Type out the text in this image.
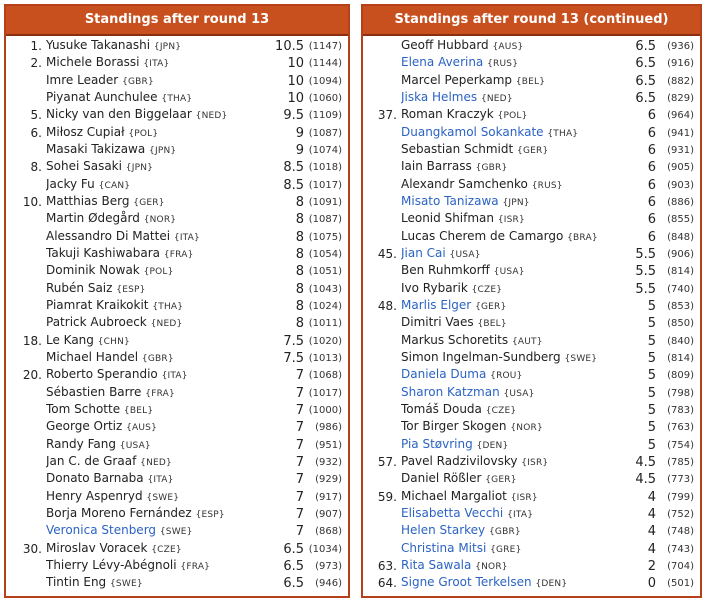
Standings after round 13
1. Yusuke Takanashi {JPN}	10.5 (1147)
2. Michele Borassi {ITA}	10 (1144)
Imre Leader {GBR}	10 (1094)
Piyanat Aunchulee {THA}	10 (1060)
5. Nicky van den Biggelaar {NED}	9.5 (1109)
6. Miłosz Cupiał {POL}	9 (1087)
Masaki Takizawa {JPN}	9 (1074)
8. Sohei Sasaki {JPN}	8.5 (1018)
Jacky Fu {CAN}	8.5 (1017)
10. Matthias Berg {GER}	8 (1091)
Martin Ødegård {NOR}	8 (1087)
Alessandro Di Mattei {ITA}	8 (1075)
Takuji Kashiwabara {FRA}	8 (1054)
Dominik Nowak {POL}	8 (1051)
Rubén Saiz {ESP}	8 (1043)
Piamrat Kraikokit {THA}	8 (1024)
Patrick Aubroeck {NED}	8 (1011)
18. Le Kang {CHN}	7.5 (1020)
Michael Handel {GBR}	7.5 (1013)
20. Roberto Sperandio {ITA}	7 (1068)
Sébastien Barre {FRA}	7 (1017)
Tom Schotte {BEL}	7 (1000)
George Ortiz {AUS}	7	(986)
Randy Fang {USA}	7	(951)
Jan C. de Graaf {NED}	7	(932)
Donato Barnaba {ITA}	7	(929)
Henry Aspenryd {SWE}	7	(917)
Borja Moreno Fernández {ESP}	7	(907)
Veronica Stenberg {SWE}	7	(868)
30. Miroslav Voracek {CZE}	6.5 (1034)
Thierry Lévy-Abégnoli {FRA}	6.5	(973)
Tintin Eng {SWE}	6.5	(946)
Standings after round 13 (continued)
Geoff Hubbard {AUS}	6.5	(936)
Elena Averina {RUS}	6.5	(916)
Marcel Peperkamp {BEL}	6.5	(882)
Jiska Helmes {NED}	6.5	(829)
37. Roman Kraczyk {POL}	6	(964)
Duangkamol Sokankate {THA}	6	(941)
Sebastian Schmidt {GER}	6	(931)
Iain Barrass {GBR}	6	(905)
Alexandr Samchenko {RUS}	6	(903)
Misato Tanizawa {JPN}	6	(886)
Leonid Shifman {ISR}	6	(855)
Lucas Cherem de Camargo {BRA}	6	(848)
45. Jian Cai {USA}	5.5	(906)
Ben Ruhmkorff {USA}	5.5	(814)
Ivo Rybarik {CZE}	5.5	(740)
48. Marlis Elger {GER}	5	(853)
Dimitri Vaes {BEL}	5	(850)
Markus Schoretits {AUT}	5	(840)
Simon Ingelman-Sundberg {SWE}	5	(814)
Daniela Duma {ROU}	5	(809)
Sharon Katzman {USA}	5	(798)
Tomáš Douda {CZE}	5	(783)
Tor Birger Skogen {NOR}	5	(763)
Pia Støvring {DEN}	5	(754)
57. Pavel Radzivilovsky {ISR}	4.5	(785)
Daniel Rößler {GER}	4.5	(773)
59. Michael Margaliot {ISR}	4	(799)
Elisabetta Vecchi {ITA}	4	(752)
Helen Starkey {GBR}	4	(748)
Christina Mitsi {GRE}	4	(743)
63. Rita Sawala {NOR}	2	(704)
64. Signe Groot Terkelsen {DEN}	0	(501)
